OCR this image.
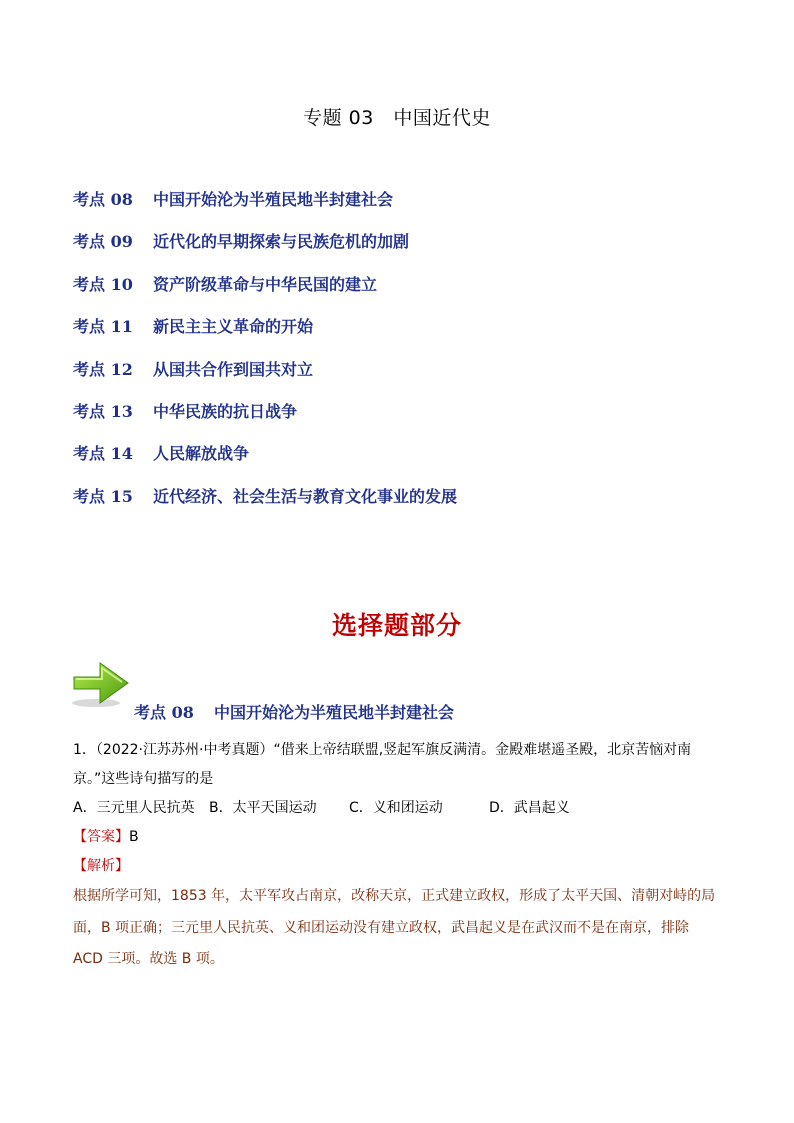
专题 03　中国近代史
考点 08 中国开始沦为半殖民地半封建社会
考点 09 近代化的早期探索与民族危机的加剧
考点 10 资产阶级革命与中华民国的建立
考点 11 新民主主义革命的开始
考点 12 从国共合作到国共对立
考点 13 中华民族的抗日战争
考点 14 人民解放战争
考点 15 近代经济、社会生活与教育文化事业的发展
选择题部分
考点 08 中国开始沦为半殖民地半封建社会

1．（2022·江苏苏州·中考真题）“借来上帝结联盟,竖起军旗反满清。金殿难堪遥圣殿，北京苦恼对南京。”这些诗句描写的是

A．三元里人民抗英 B．太平天国运动 C．义和团运动	D．武昌起义

【答案】B

【解析】

根据所学可知，1853 年，太平军攻占南京，改称天京，正式建立政权，形成了太平天国、清朝对峙的局面，B 项正确；三元里人民抗英、义和团运动没有建立政权，武昌起义是在武汉而不是在南京，排除 ACD 三项。故选 B 项。
